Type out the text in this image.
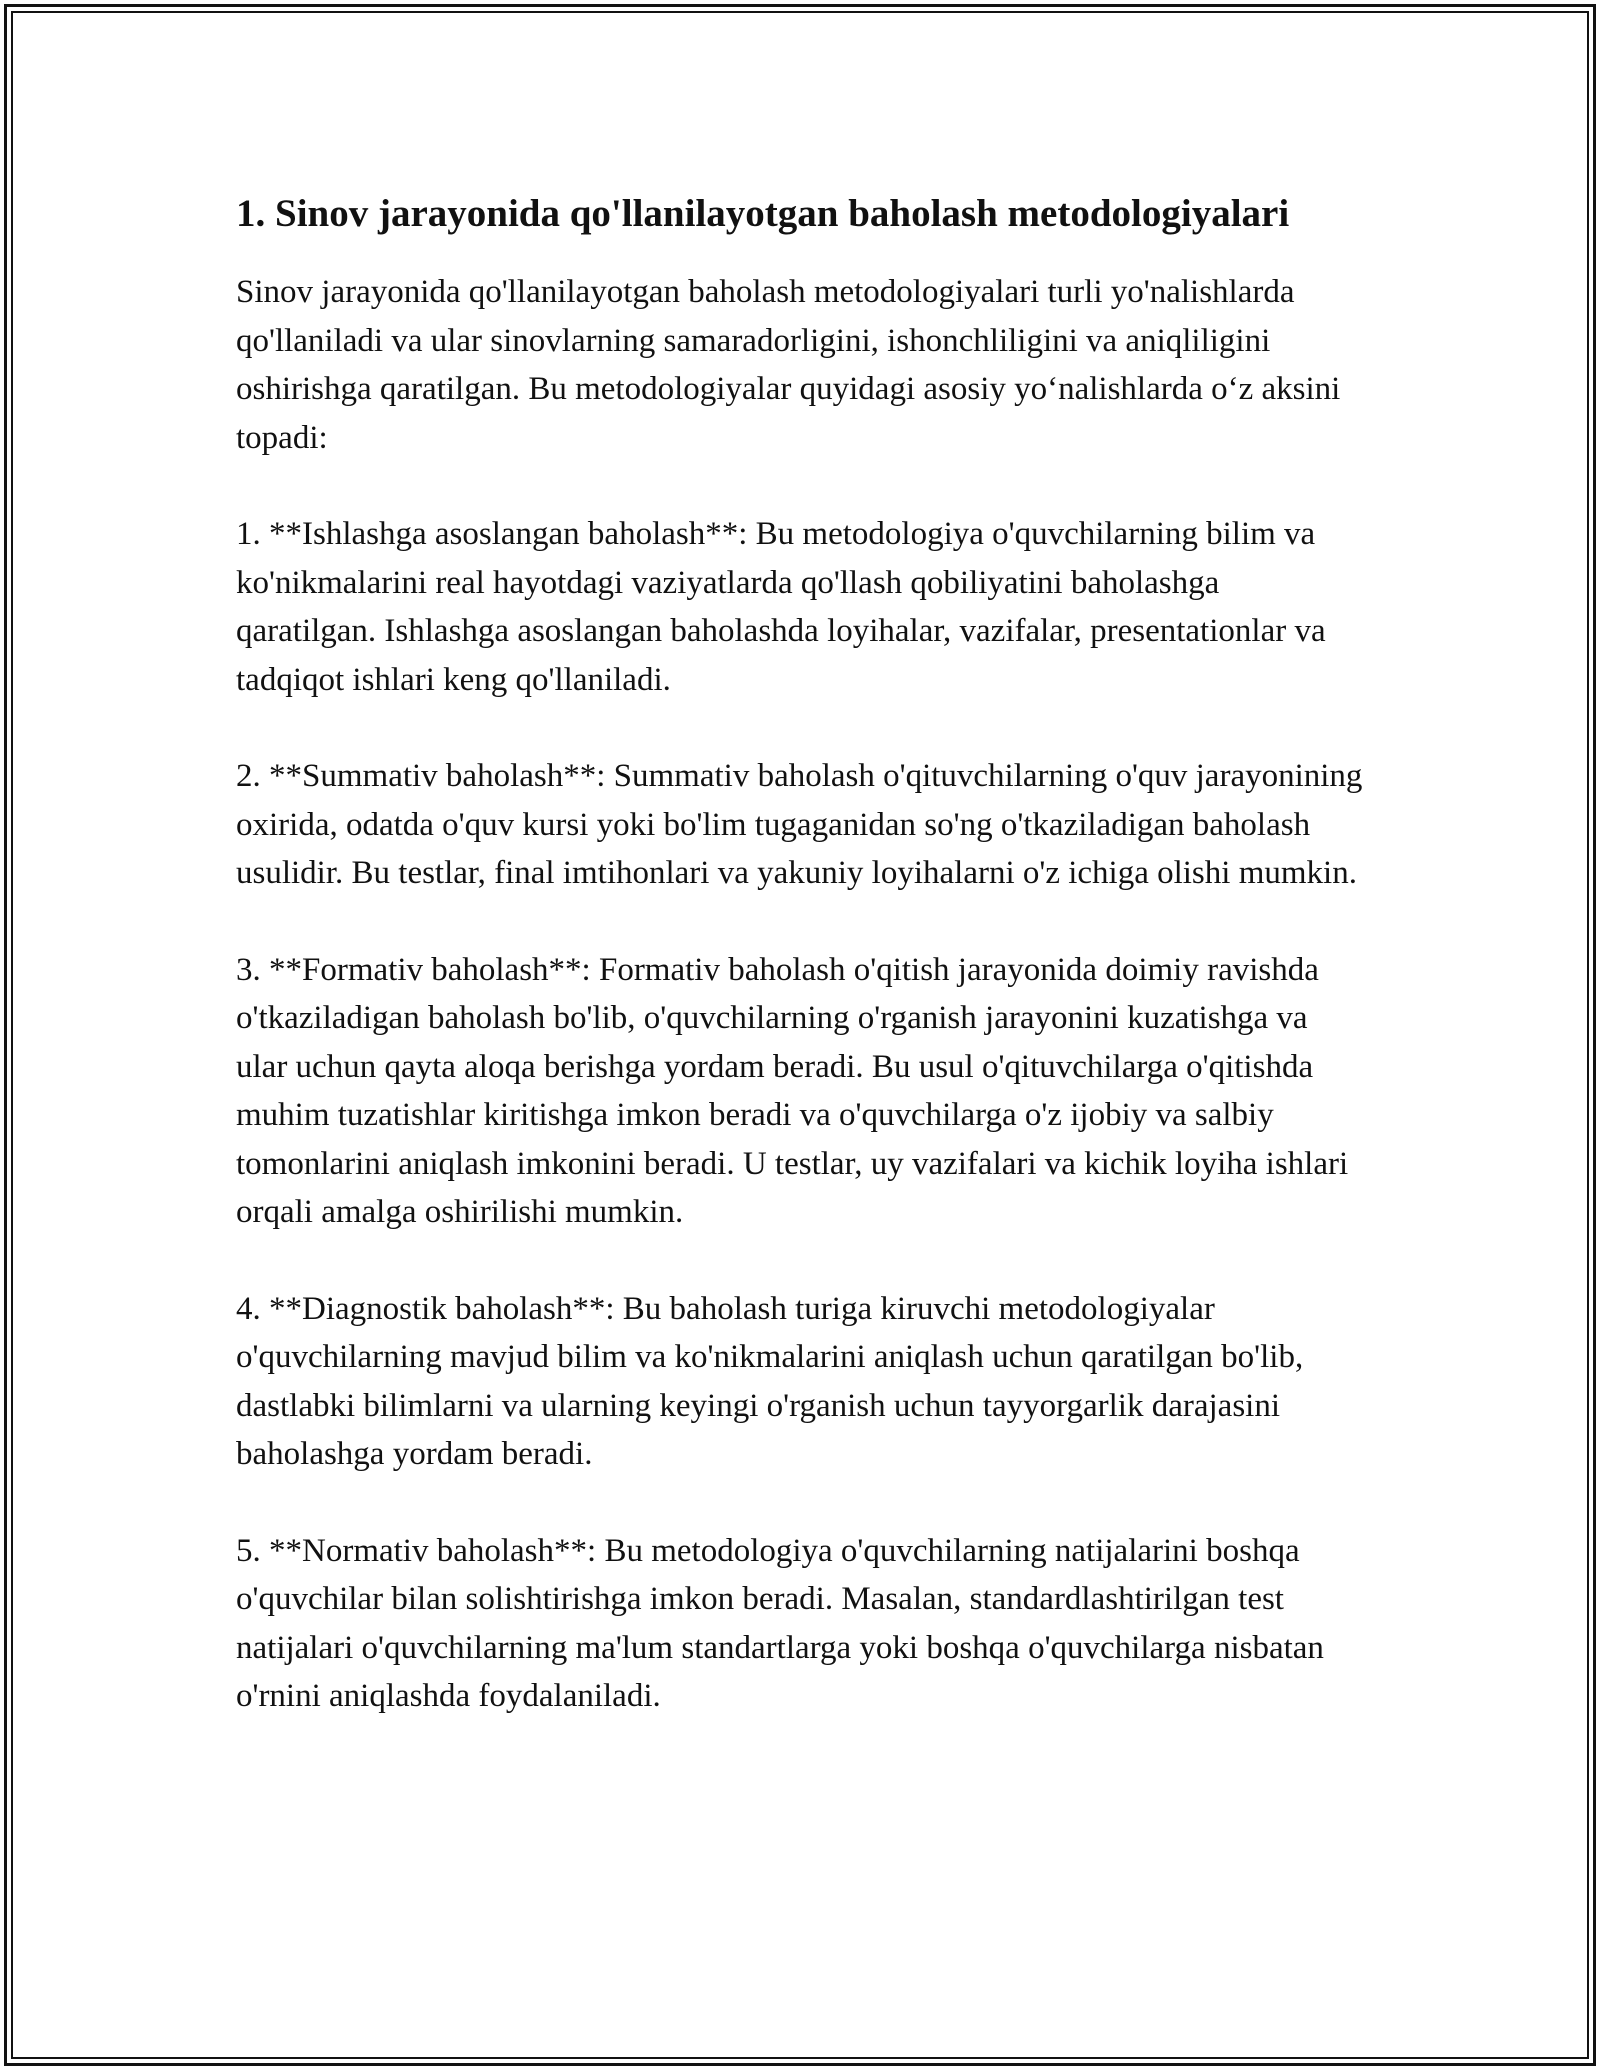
1. Sinov jarayonida qo'llanilayotgan baholash metodologiyalari

Sinov jarayonida qo'llanilayotgan baholash metodologiyalari turli yo'nalishlarda qo'llaniladi va ular sinovlarning samaradorligini, ishonchliligini va aniqliligini oshirishga qaratilgan. Bu metodologiyalar quyidagi asosiy yo‘nalishlarda o‘z aksini topadi:

1. **Ishlashga asoslangan baholash**: Bu metodologiya o'quvchilarning bilim va ko'nikmalarini real hayotdagi vaziyatlarda qo'llash qobiliyatini baholashga qaratilgan. Ishlashga asoslangan baholashda loyihalar, vazifalar, presentationlar va tadqiqot ishlari keng qo'llaniladi.

2. **Summativ baholash**: Summativ baholash o'qituvchilarning o'quv jarayonining oxirida, odatda o'quv kursi yoki bo'lim tugaganidan so'ng o'tkaziladigan baholash usulidir. Bu testlar, final imtihonlari va yakuniy loyihalarni o'z ichiga olishi mumkin.

3. **Formativ baholash**: Formativ baholash o'qitish jarayonida doimiy ravishda o'tkaziladigan baholash bo'lib, o'quvchilarning o'rganish jarayonini kuzatishga va ular uchun qayta aloqa berishga yordam beradi. Bu usul o'qituvchilarga o'qitishda muhim tuzatishlar kiritishga imkon beradi va o'quvchilarga o'z ijobiy va salbiy tomonlarini aniqlash imkonini beradi. U testlar, uy vazifalari va kichik loyiha ishlari orqali amalga oshirilishi mumkin.

4. **Diagnostik baholash**: Bu baholash turiga kiruvchi metodologiyalar o'quvchilarning mavjud bilim va ko'nikmalarini aniqlash uchun qaratilgan bo'lib, dastlabki bilimlarni va ularning keyingi o'rganish uchun tayyorgarlik darajasini baholashga yordam beradi.

5. **Normativ baholash**: Bu metodologiya o'quvchilarning natijalarini boshqa o'quvchilar bilan solishtirishga imkon beradi. Masalan, standardlashtirilgan test natijalari o'quvchilarning ma'lum standartlarga yoki boshqa o'quvchilarga nisbatan o'rnini aniqlashda foydalaniladi.
